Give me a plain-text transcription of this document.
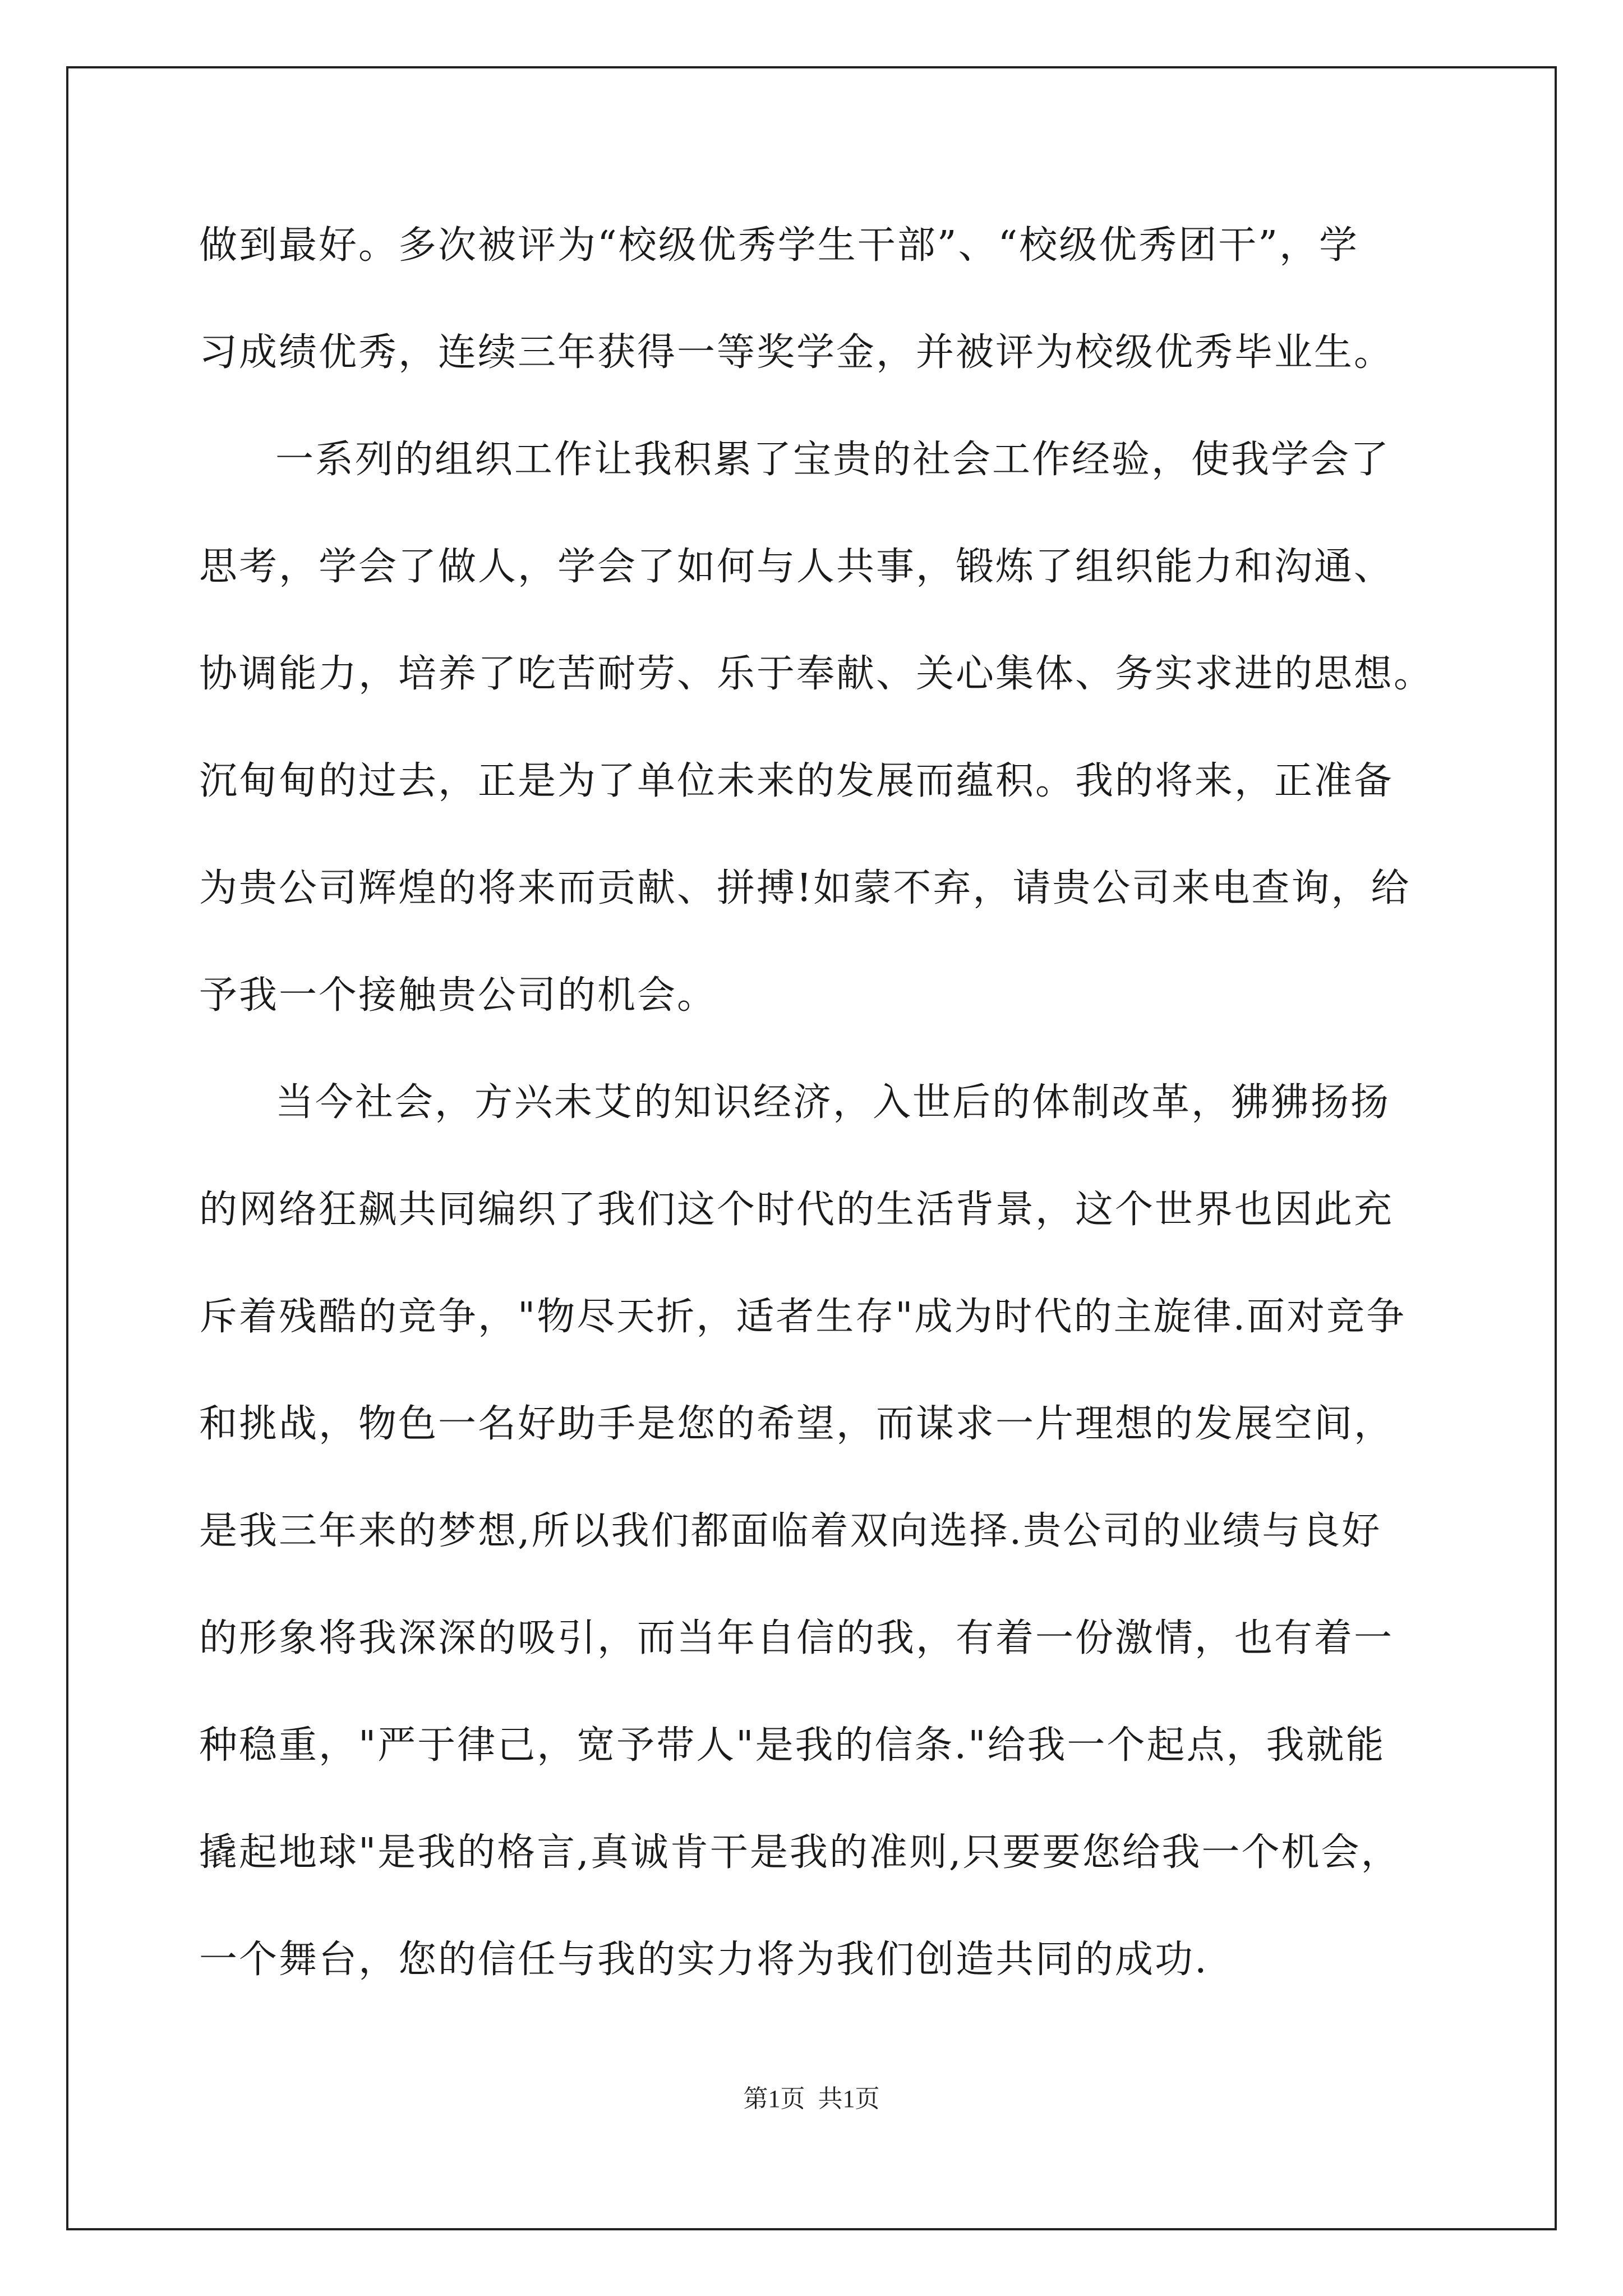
做到最好。多次被评为“校级优秀学生干部”、“校级优秀团干”，学
习成绩优秀，连续三年获得一等奖学金，并被评为校级优秀毕业生。
一系列的组织工作让我积累了宝贵的社会工作经验，使我学会了
思考，学会了做人，学会了如何与人共事，锻炼了组织能力和沟通、
协调能力，培养了吃苦耐劳、乐于奉献、关心集体、务实求进的思想。
沉甸甸的过去，正是为了单位未来的发展而蕴积。我的将来，正准备
为贵公司辉煌的将来而贡献、拼搏!如蒙不弃，请贵公司来电查询，给
予我一个接触贵公司的机会。
当今社会，方兴未艾的知识经济，入世后的体制改革，狒狒扬扬
的网络狂飙共同编织了我们这个时代的生活背景，这个世界也因此充
斥着残酷的竞争，"物尽天折，适者生存"成为时代的主旋律.面对竞争
和挑战，物色一名好助手是您的希望，而谋求一片理想的发展空间，
是我三年来的梦想,所以我们都面临着双向选择.贵公司的业绩与良好
的形象将我深深的吸引，而当年自信的我，有着一份激情，也有着一
种稳重，"严于律己，宽予带人"是我的信条."给我一个起点，我就能
撬起地球"是我的格言,真诚肯干是我的准则,只要要您给我一个机会，
一个舞台，您的信任与我的实力将为我们创造共同的成功.
第1页 共1页
